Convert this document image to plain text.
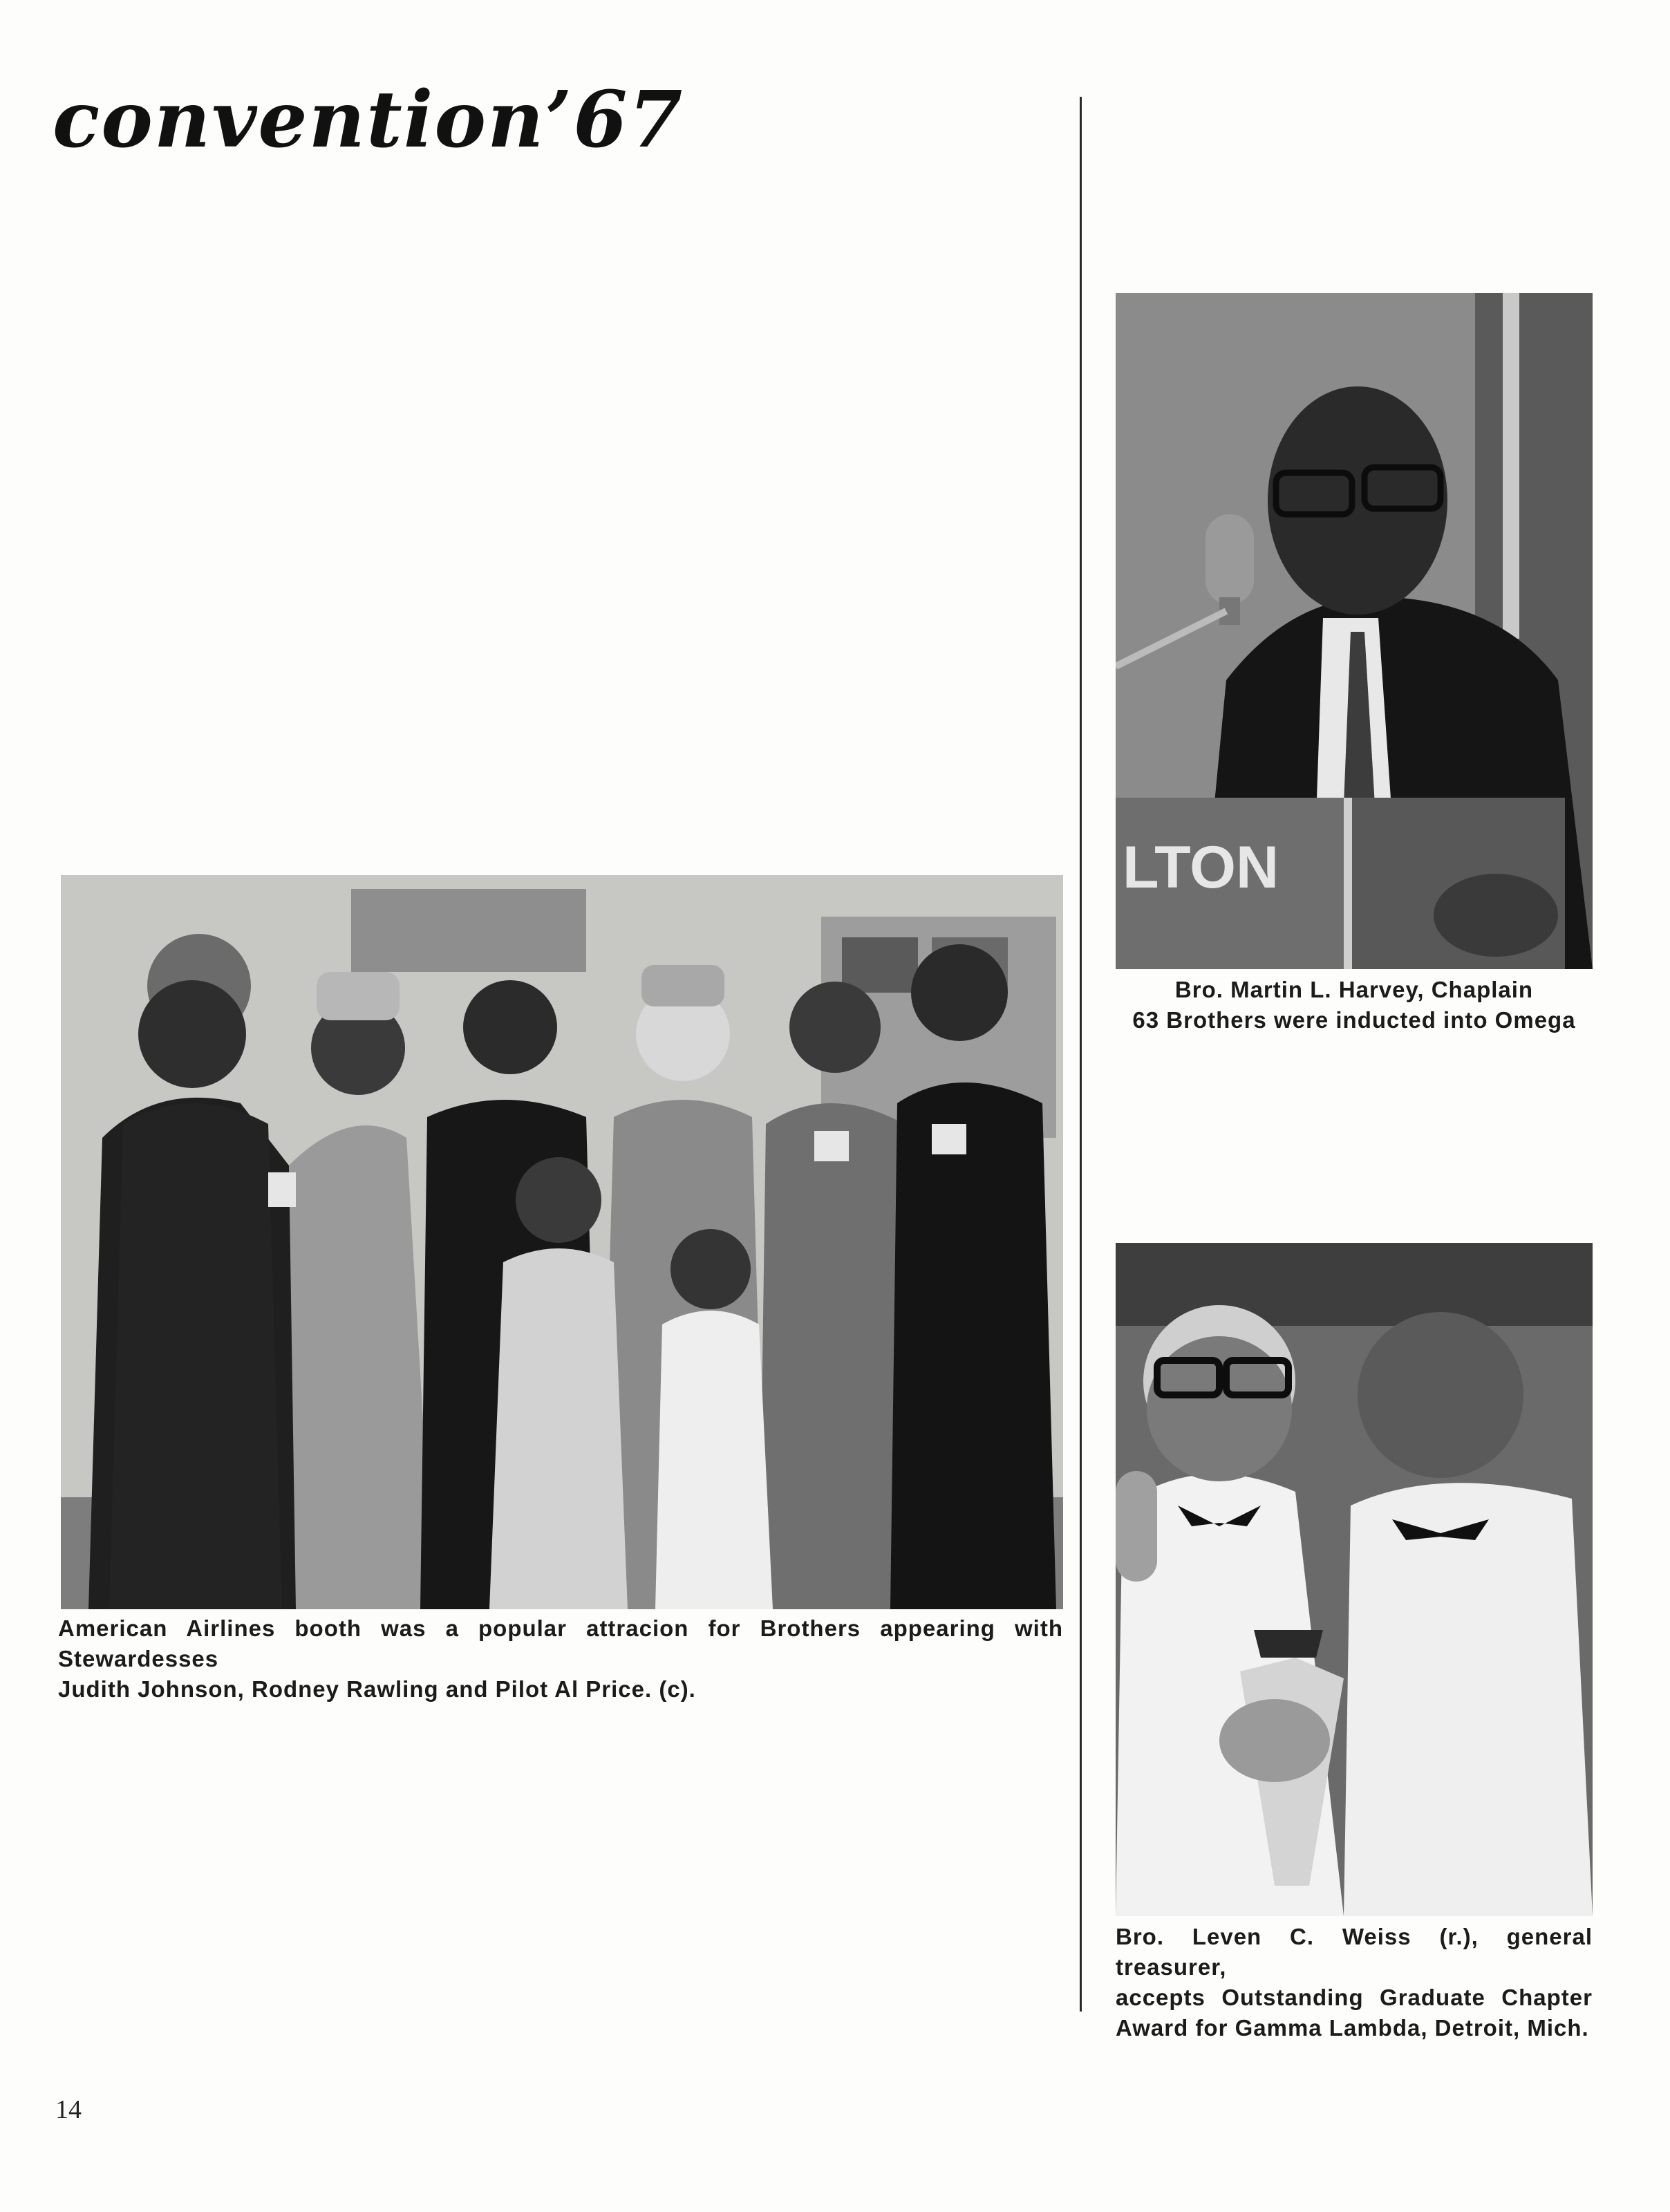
convention’67
LTON
Bro. Martin L. Harvey, Chaplain
63 Brothers were inducted into Omega
American Airlines booth was a popular attracion for Brothers appearing with Stewardesses
Judith Johnson, Rodney Rawling and Pilot Al Price. (c).
Bro. Leven C. Weiss (r.), general treasurer,
accepts Outstanding Graduate Chapter
Award for Gamma Lambda, Detroit, Mich.
14
